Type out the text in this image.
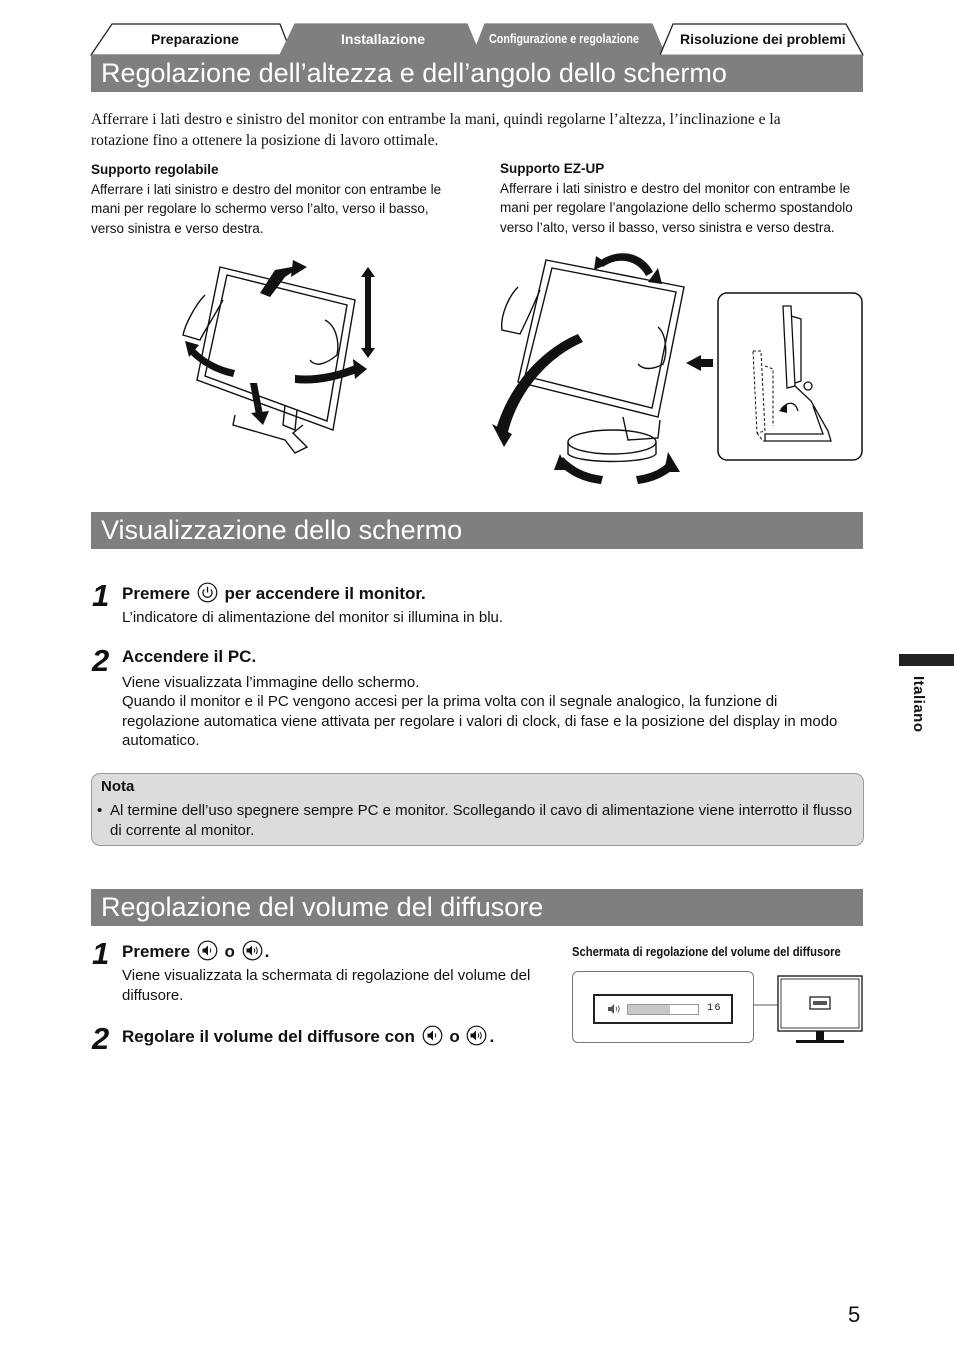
Preparazione	Installazione	Configurazione e regolazione	Risoluzione dei problemi
Regolazione dell’altezza e dell’angolo dello schermo
Afferrare i lati destro e sinistro del monitor con entrambe la mani, quindi regolarne l’altezza, l’inclinazione e la rotazione fino a ottenere la posizione di lavoro ottimale.
Supporto regolabile
Afferrare i lati sinistro e destro del monitor con entrambe le mani per regolare lo schermo verso l’alto, verso il basso, verso sinistra e verso destra.
Supporto EZ-UP
Afferrare i lati sinistro e destro del monitor con entrambe le mani per regolare l’angolazione dello schermo spostandolo verso l’alto, verso il basso, verso sinistra e verso destra.
Visualizzazione dello schermo
1 Premere per accendere il monitor.
L’indicatore di alimentazione del monitor si illumina in blu.
2 Accendere il PC.
Viene visualizzata l’immagine dello schermo.
Quando il monitor e il PC vengono accesi per la prima volta con il segnale analogico, la funzione di regolazione automatica viene attivata per regolare i valori di clock, di fase e la posizione del display in modo automatico.
Nota
• Al termine dell’uso spegnere sempre PC e monitor. Scollegando il cavo di alimentazione viene interrotto il flusso di corrente al monitor.
Regolazione del volume del diffusore
1 Premere o .
Viene visualizzata la schermata di regolazione del volume del diffusore.
2 Regolare il volume del diffusore con o .
Schermata di regolazione del volume del diffusore
16
Italiano
5
